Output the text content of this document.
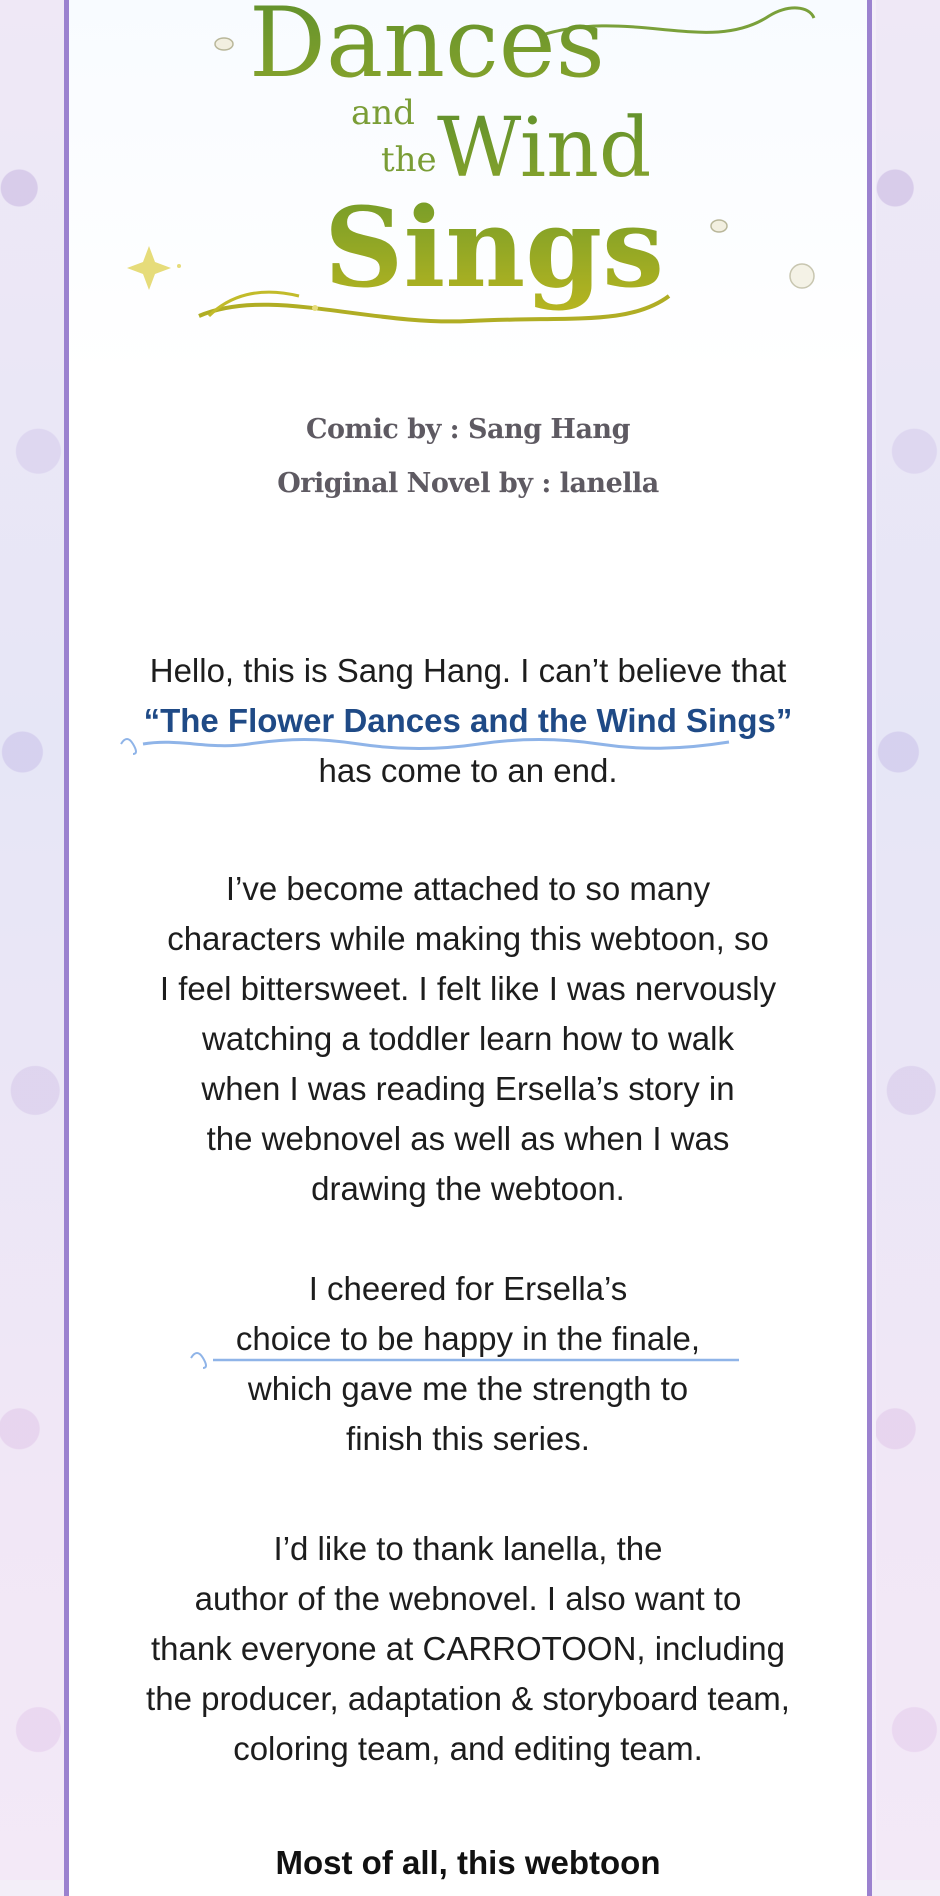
Dances
and
the Wind
Sings
Comic by : Sang Hang
Original Novel by : lanella
Hello, this is Sang Hang. I can’t believe that
“The Flower Dances and the Wind Sings”
has come to an end.
I’ve become attached to so many
characters while making this webtoon, so
I feel bittersweet. I felt like I was nervously
watching a toddler learn how to walk
when I was reading Ersella’s story in
the webnovel as well as when I was
drawing the webtoon.
I cheered for Ersella’s
choice to be happy in the finale,
which gave me the strength to
finish this series.
I’d like to thank lanella, the
author of the webnovel. I also want to
thank everyone at CARROTOON, including
the producer, adaptation & storyboard team,
coloring team, and editing team.
Most of all, this webtoon
